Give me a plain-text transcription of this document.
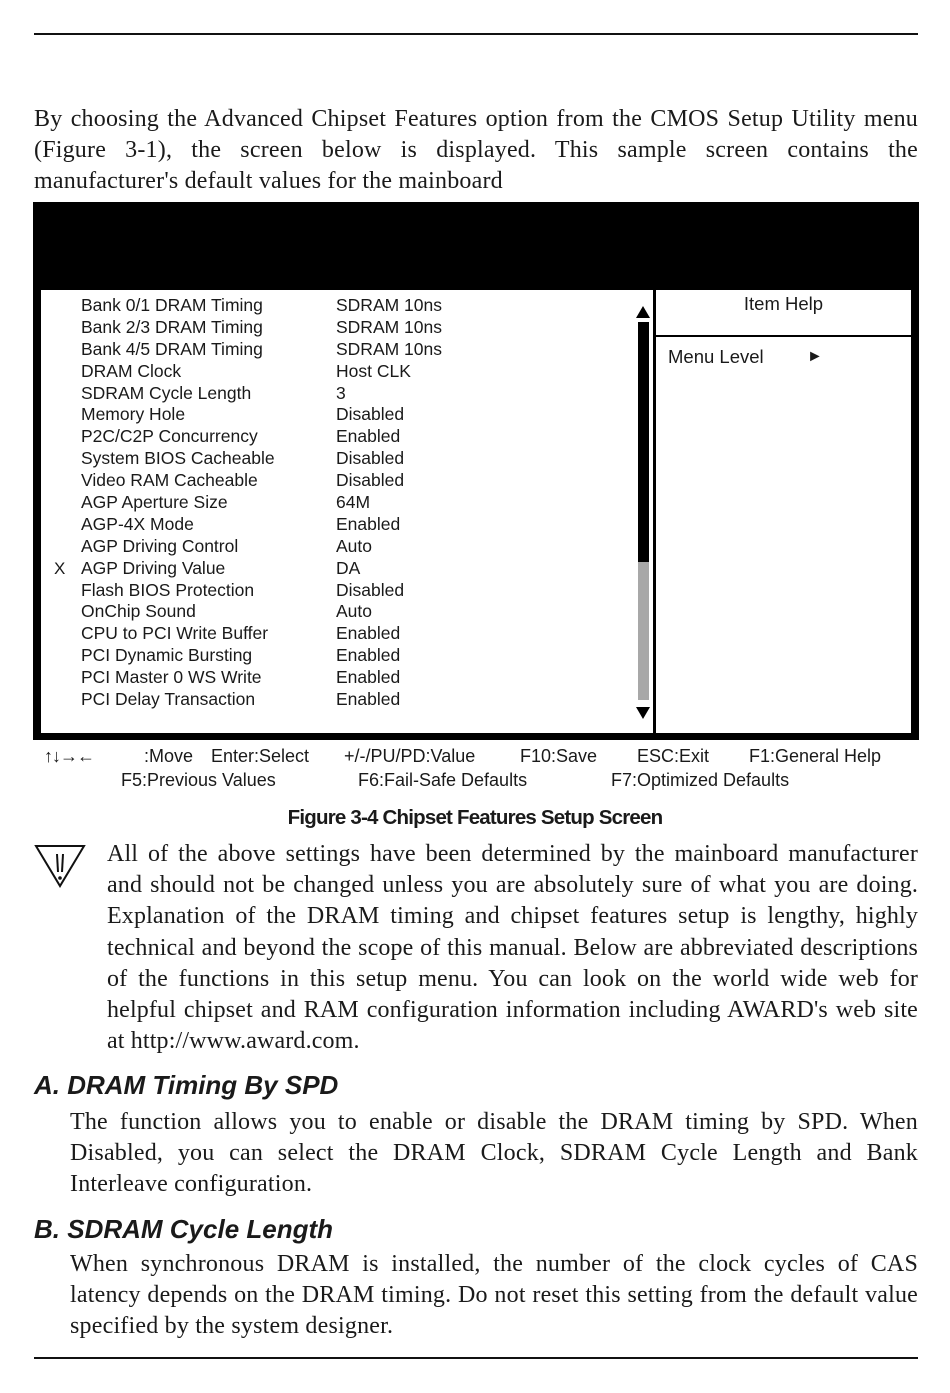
By choosing the Advanced Chipset Features option from the CMOS Setup Utility menu (Figure 3-1), the screen below is displayed. This sample screen contains the manufacturer's default values for the mainboard

Bank 0/1 DRAM Timing	SDRAM 10ns
Bank 2/3 DRAM Timing	SDRAM 10ns
Bank 4/5 DRAM Timing	SDRAM 10ns
DRAM Clock	Host CLK
SDRAM Cycle Length	3
Memory Hole	Disabled
P2C/C2P Concurrency	Enabled
System BIOS Cacheable	Disabled
Video RAM Cacheable	Disabled
AGP Aperture Size	64M
AGP-4X Mode	Enabled
AGP Driving Control	Auto
X AGP Driving Value	DA
Flash BIOS Protection	Disabled
OnChip Sound	Auto
CPU to PCI Write Buffer	Enabled
PCI Dynamic Bursting	Enabled
PCI Master 0 WS Write	Enabled
PCI Delay Transaction	Enabled
Item Help
Menu Level	►
↑↓→←	:Move Enter:Select +/-/PU/PD:Value F10:Save ESC:Exit F1:General Help
F5:Previous Values	F6:Fail-Safe Defaults	F7:Optimized Defaults
Figure 3-4 Chipset Features Setup Screen

All of the above settings have been determined by the mainboard manufacturer and should not be changed unless you are absolutely sure of what you are doing. Explanation of the DRAM timing and chipset features setup is lengthy, highly technical and beyond the scope of this manual. Below are abbreviated descriptions of the functions in this setup menu. You can look on the world wide web for helpful chipset and RAM configuration information including AWARD's web site at http://www.award.com.

A. DRAM Timing By SPD

The function allows you to enable or disable the DRAM timing by SPD. When Disabled, you can select the DRAM Clock, SDRAM Cycle Length and Bank Interleave configuration.

B. SDRAM Cycle Length

When synchronous DRAM is installed, the number of the clock cycles of CAS latency depends on the DRAM timing. Do not reset this setting from the default value specified by the system designer.
